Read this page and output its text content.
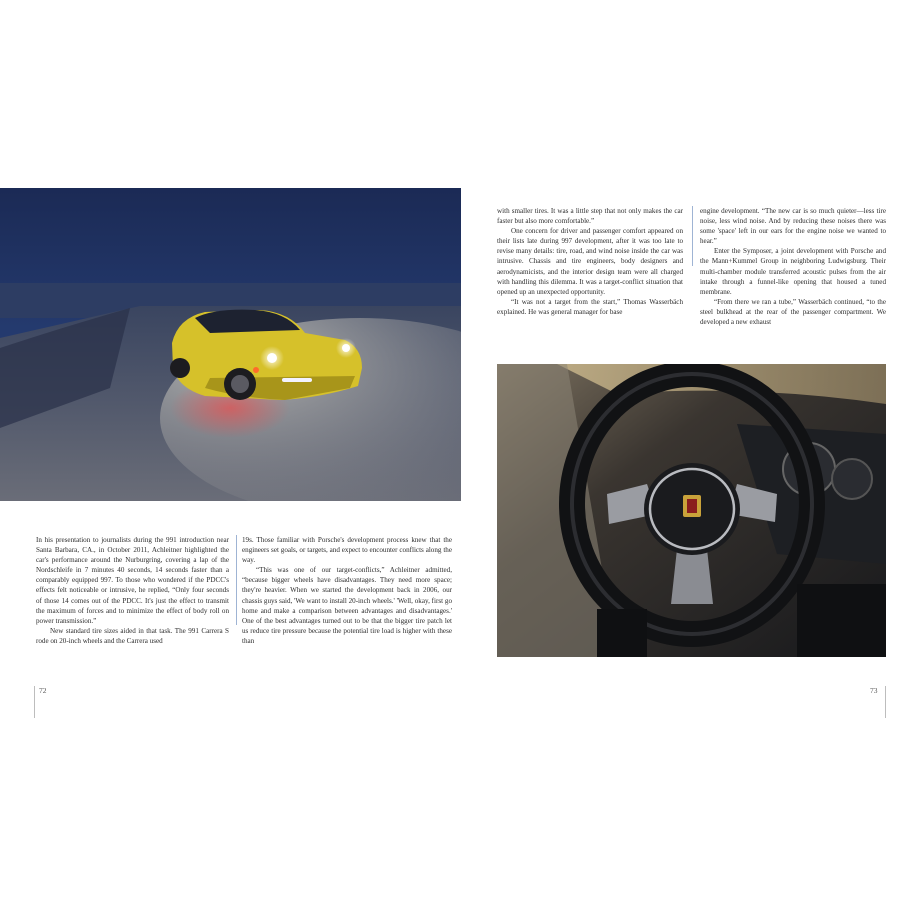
In his presentation to journalists during the 991 introduction near Santa Barbara, CA., in October 2011, Achleitner highlighted the car's performance around the Nurburgring, covering a lap of the Nordschleife in 7 minutes 40 seconds, 14 seconds faster than a comparably equipped 997. To those who wondered if the PDCC's effects felt noticeable or intrusive, he replied, “Only four seconds of those 14 comes out of the PDCC. It's just the effect to transmit the maximum of forces and to minimize the effect of body roll on power transmission.”

New standard tire sizes aided in that task. The 991 Carrera S rode on 20-inch wheels and the Carrera used

19s. Those familiar with Porsche's development process knew that the engineers set goals, or targets, and expect to encounter conflicts along the way.

“This was one of our target-conflicts,” Achleitner admitted, “because bigger wheels have disadvantages. They need more space; they're heavier. When we started the development back in 2006, our chassis guys said, 'We want to install 20-inch wheels.' 'Well, okay, first go home and make a comparison between advantages and disadvantages.' One of the best advantages turned out to be that the bigger tire patch let us reduce tire pressure because the potential tire load is higher with these than

with smaller tires. It was a little step that not only makes the car faster but also more comfortable.”

One concern for driver and passenger comfort appeared on their lists late during 997 development, after it was too late to revise many details: tire, road, and wind noise inside the car was intrusive. Chassis and tire engineers, body designers and aerodynamicists, and the interior design team were all charged with handling this dilemma. It was a target-conflict situation that opened up an unexpected opportunity.

“It was not a target from the start,” Thomas Wasserbäch explained. He was general manager for base

engine development. “The new car is so much quieter—less tire noise, less wind noise. And by reducing these noises there was some 'space' left in our ears for the engine noise we wanted to hear.”

Enter the Symposer, a joint development with Porsche and the Mann+Kummel Group in neighboring Ludwigsburg. Their multi-chamber module transferred acoustic pulses from the air intake through a funnel-like opening that housed a tuned membrane.

“From there we ran a tube,” Wasserbäch continued, “to the steel bulkhead at the rear of the passenger compartment. We developed a new exhaust

72	73
